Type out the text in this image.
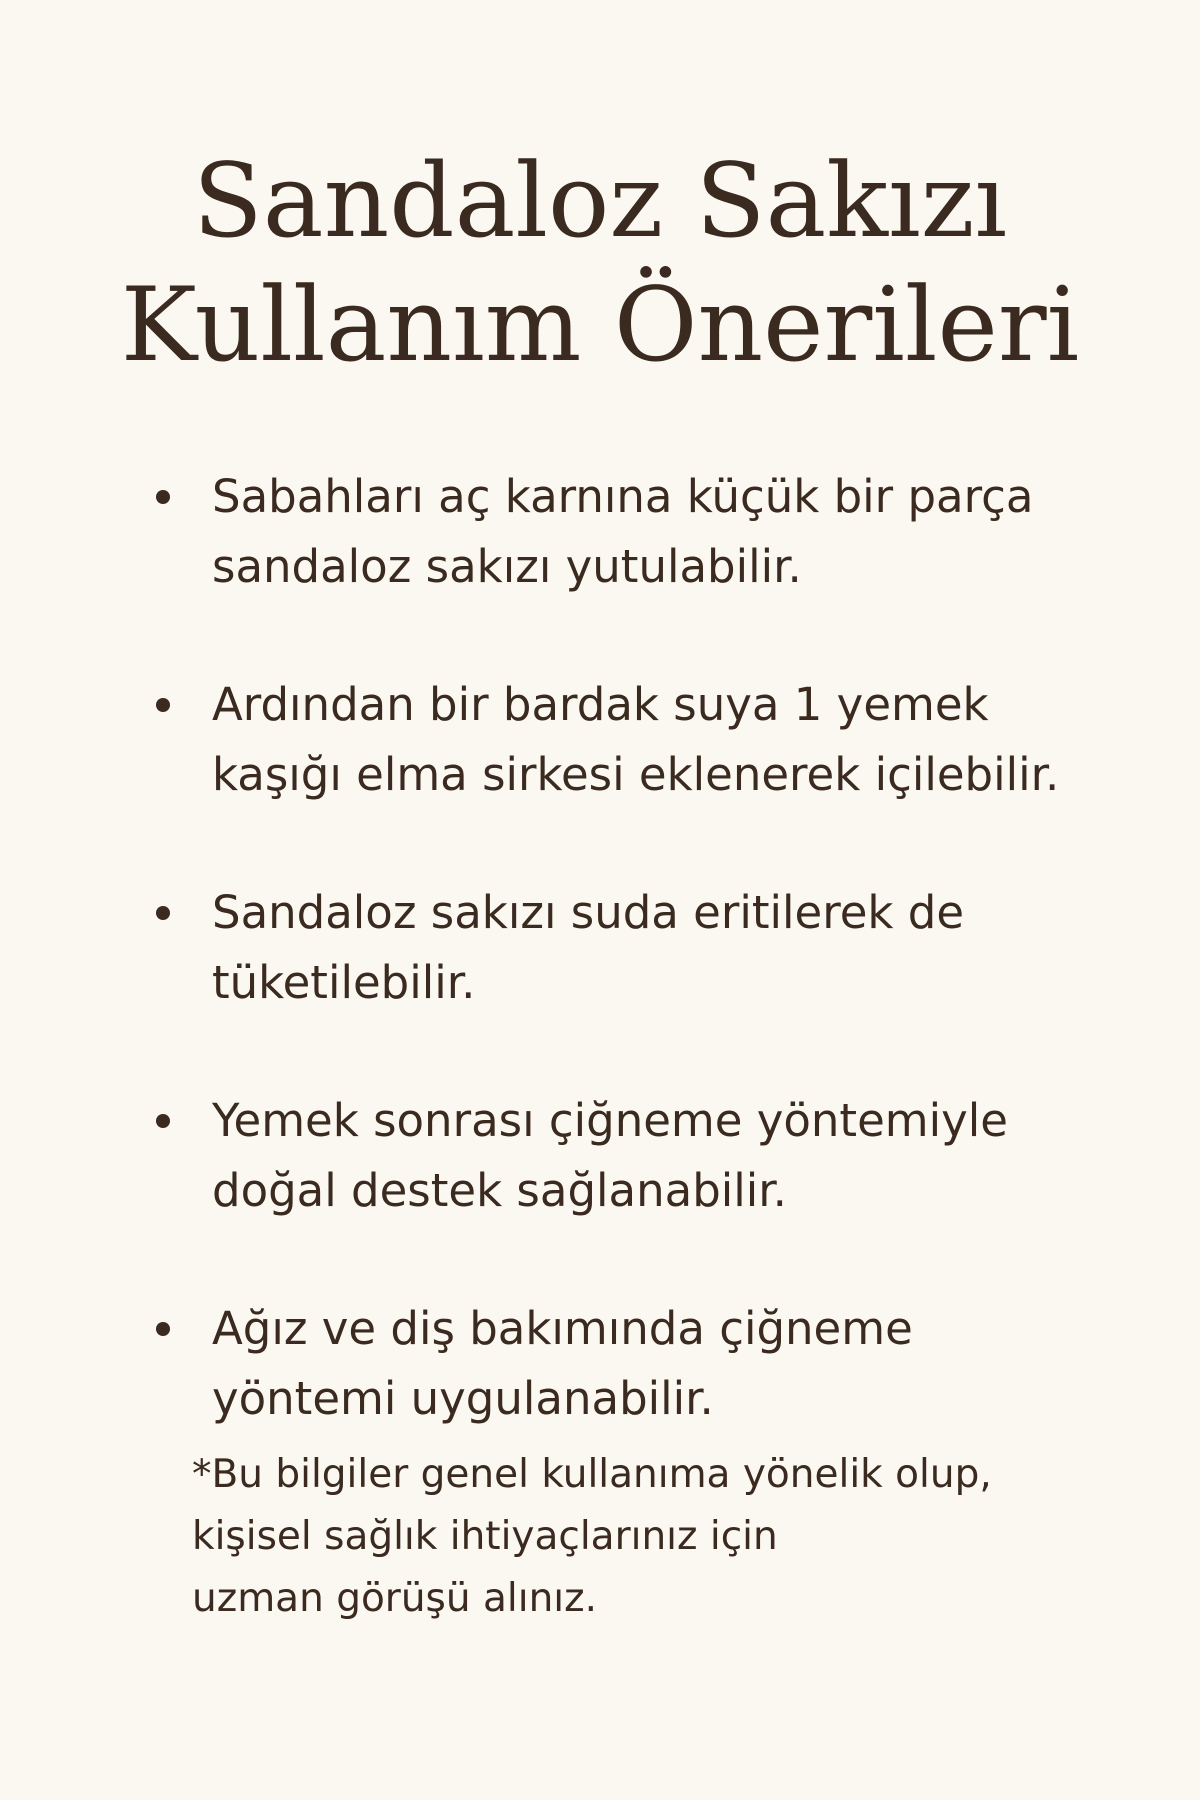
Sandaloz Sakızı
Kullanım Önerileri
Sabahları aç karnına küçük bir parça sandaloz sakızı yutulabilir.
Ardından bir bardak suya 1 yemek kaşığı elma sirkesi eklenerek içilebilir.
Sandaloz sakızı suda eritilerek de tüketilebilir.
Yemek sonrası çiğneme yöntemiyle doğal destek sağlanabilir.
Ağız ve diş bakımında çiğneme yöntemi uygulanabilir.

*Bu bilgiler genel kullanıma yönelik olup,
kişisel sağlık ihtiyaçlarınız için
uzman görüşü alınız.
